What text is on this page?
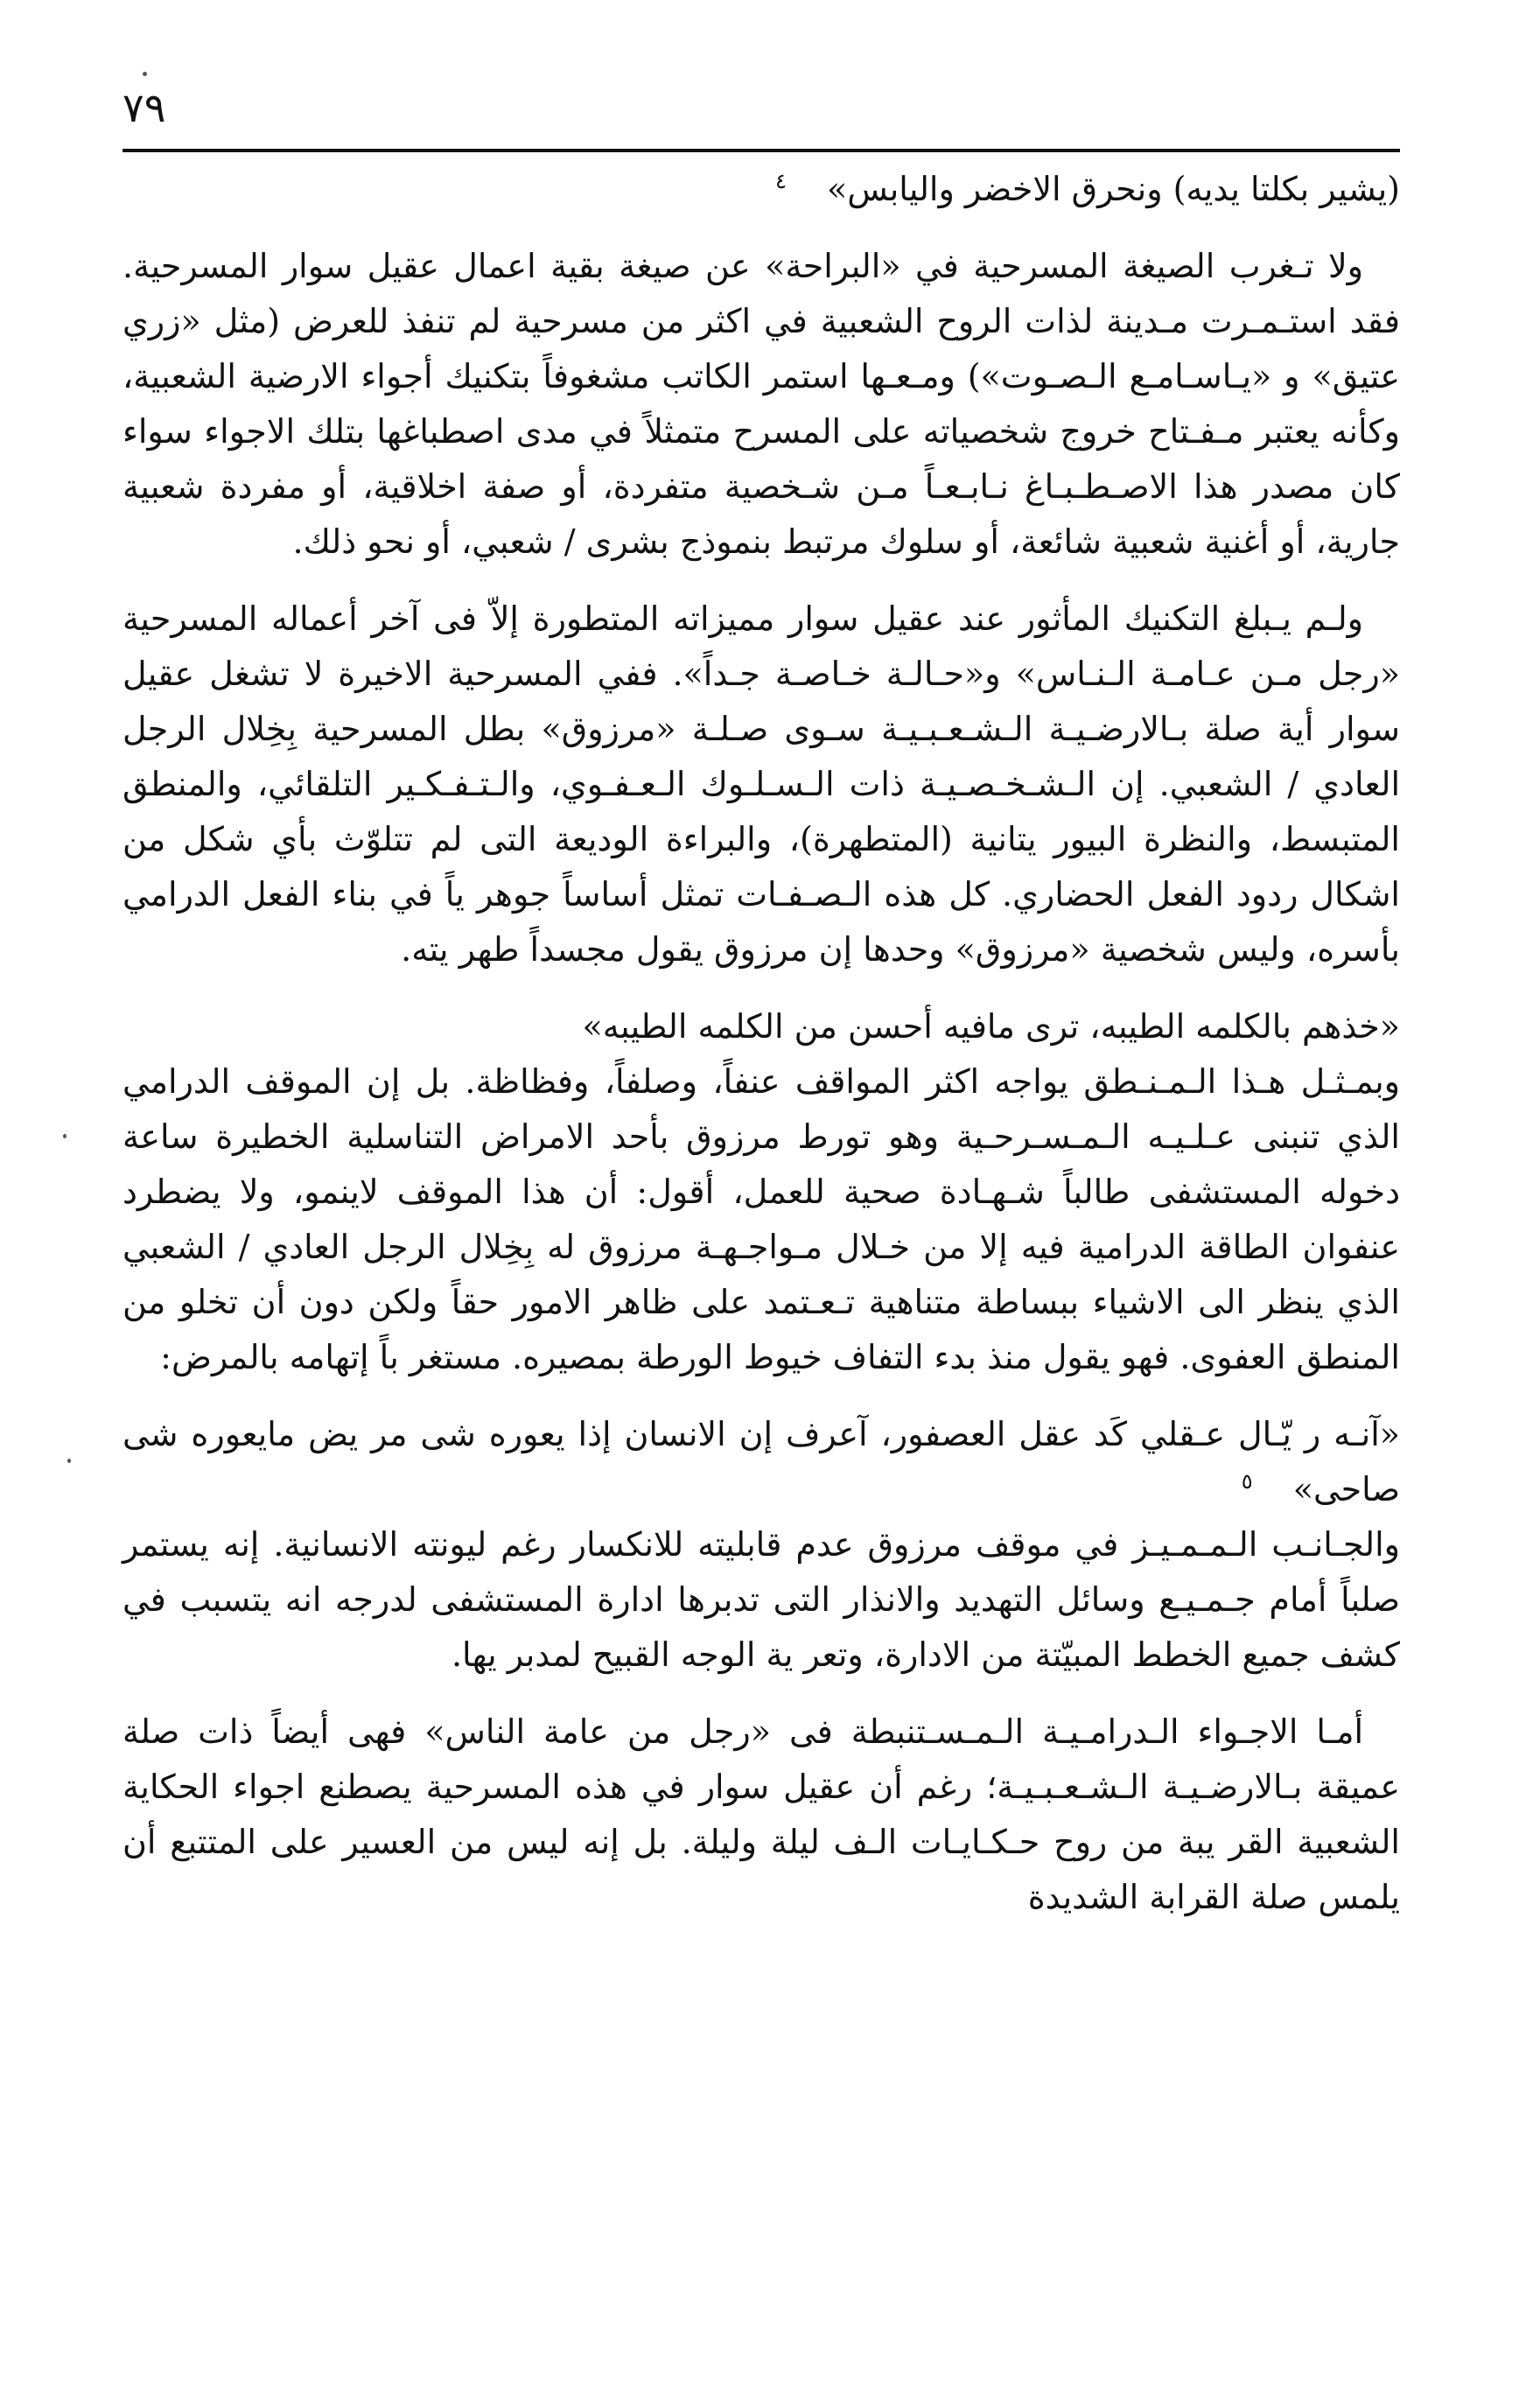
٧٩

(يشير بكلتا يديه) ونحرق الاخضر واليابس» $^٤$

ولا تـغرب الصيغة المسرحية في «البراحة» عن صيغة بقية اعمال عقيل سوار المسرحية. فقد استـمـرت مـدينة لذات الروح الشعبية في اكثر من مسرحية لم تنفذ للعرض (مثل «زري عتيق» و «يـاسـامـع الـصـوت») ومـعـها استمر الكاتب مشغوفاً بتكنيك أجواء الارضية الشعبية، وكأنه يعتبر مـفـتاح خروج شخصياته على المسرح متمثلاً في مدى اصطباغها بتلك الاجواء سواء كان مصدر هذا الاصـطـبـاغ نـابـعـاً مـن شـخصية متفردة، أو صفة اخلاقية، أو مفردة شعبية جارية، أو أغنية شعبية شائعة، أو سلوك مرتبط بنموذج بشرى / شعبي، أو نحو ذلك.

ولـم يـبلغ التكنيك المأثور عند عقيل سوار مميزاته المتطورة إلاّ فى آخر أعماله المسرحية «رجل مـن عـامـة الـنـاس» و«حـالـة خـاصـة جـداً». ففي المسرحية الاخيرة لا تشغل عقيل سوار أية صلة بـالارضـيـة الـشـعـبـيـة سـوى صـلـة «مرزوق» بطل المسرحية بِخِلال الرجل العادي / الشعبي. إن الـشـخـصـيـة ذات الـسـلـوك الـعـفـوي، والـتـفـكـير التلقائي، والمنطق المتبسط، والنظرة البيور يتانية (المتطهرة)، والبراءة الوديعة التى لم تتلوّث بأي شكل من اشكال ردود الفعل الحضاري. كل هذه الـصـفـات تمثل أساساً جوهر ياً في بناء الفعل الدرامي بأسره، وليس شخصية «مرزوق» وحدها إن مرزوق يقول مجسداً طهر يته.

«خذهم بالكلمه الطيبه، ترى مافيه أحسن من الكلمه الطيبه»

وبمـثـل هـذا الـمـنـطق يواجه اكثر المواقف عنفاً، وصلفاً، وفظاظة. بل إن الموقف الدرامي الذي تنبنى عـلـيـه الـمـسـرحـية وهو تورط مرزوق بأحد الامراض التناسلية الخطيرة ساعة دخوله المستشفى طالباً شـهـادة صحية للعمل، أقول: أن هذا الموقف لاينمو، ولا يضطرد عنفوان الطاقة الدرامية فيه إلا من خـلال مـواجـهـة مرزوق له بِخِلال الرجل العادي / الشعبي الذي ينظر الى الاشياء ببساطة متناهية تـعـتمد على ظاهر الامور حقاً ولكن دون أن تخلو من المنطق العفوى. فهو يقول منذ بدء التفاف خيوط الورطة بمصيره. مستغر باً إتهامه بالمرض:

«آنـه ر يّـال عـقلي كَد عقل العصفور، آعرف إن الانسان إذا يعوره شى مر يض مايعوره شى صاحى» $^٥$

والجـانـب الـمـمـيـز في موقف مرزوق عدم قابليته للانكسار رغم ليونته الانسانية. إنه يستمر صلباً أمام جـمـيـع وسائل التهديد والانذار التى تدبرها ادارة المستشفى لدرجه انه يتسبب في كشف جميع الخطط المبيّتة من الادارة، وتعر ية الوجه القبيح لمدبر يها.

أمـا الاجـواء الـدرامـيـة الـمـسـتنبطة فى «رجل من عامة الناس» فهى أيضاً ذات صلة عميقة بـالارضـيـة الـشـعـبـيـة؛ رغم أن عقيل سوار في هذه المسرحية يصطنع اجواء الحكاية الشعبية القر يبة من روح حـكـايـات الـف ليلة وليلة. بل إنه ليس من العسير على المتتبع أن يلمس صلة القرابة الشديدة
